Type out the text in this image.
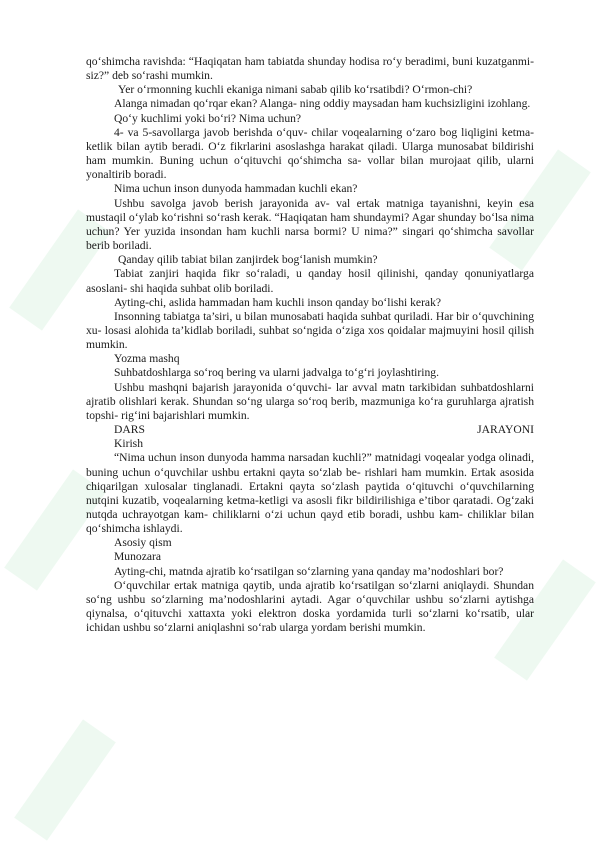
qo‘shimcha ravishda: “Haqiqatan ham tabiatda shunday hodisa ro‘y beradimi, buni kuzatganmi- siz?” deb so‘rashi mumkin.

Yer o‘rmonning kuchli ekaniga nimani sabab qilib ko‘rsatibdi? O‘rmon-chi?

Alanga nimadan qo‘rqar ekan? Alanga- ning oddiy maysadan ham kuchsizligini izohlang.

Qo‘y kuchlimi yoki bo‘ri? Nima uchun?

4- va 5-savollarga javob berishda o‘quv- chilar voqealarning o‘zaro bog liqligini ketma-ketlik bilan aytib beradi. O‘z fikrlarini asoslashga harakat qiladi. Ularga munosabat bildirishi ham mumkin. Buning uchun o‘qituvchi qo‘shimcha sa- vollar bilan murojaat qilib, ularni yonaltirib boradi.

Nima uchun inson dunyoda hammadan kuchli ekan?

Ushbu savolga javob berish jarayonida av- val ertak matniga tayanishni, keyin esa mustaqil o‘ylab ko‘rishni so‘rash kerak. “Haqiqatan ham shundaymi? Agar shunday bo‘lsa nima uchun? Yer yuzida insondan ham kuchli narsa bormi? U nima?” singari qo‘shimcha savollar berib boriladi.

Qanday qilib tabiat bilan zanjirdek bog‘lanish mumkin?

Tabiat zanjiri haqida fikr so‘raladi, u qanday hosil qilinishi, qanday qonuniyatlarga asoslani- shi haqida suhbat olib boriladi.

Ayting-chi, aslida hammadan ham kuchli inson qanday bo‘lishi kerak?

Insonning tabiatga ta’siri, u bilan munosabati haqida suhbat quriladi. Har bir o‘quvchining xu- losasi alohida ta’kidlab boriladi, suhbat so‘ngida o‘ziga xos qoidalar majmuyini hosil qilish mumkin.

Yozma mashq

Suhbatdoshlarga so‘roq bering va ularni jadvalga to‘g‘ri joylashtiring.

Ushbu mashqni bajarish jarayonida o‘quvchi- lar avval matn tarkibidan suhbatdoshlarni ajratib olishlari kerak. Shundan so‘ng ularga so‘roq berib, mazmuniga ko‘ra guruhlarga ajratish topshi- rig‘ini bajarishlari mumkin.

DARS	JARAYONI

Kirish

“Nima uchun inson dunyoda hamma narsadan kuchli?” matnidagi voqealar yodga olinadi, buning uchun o‘quvchilar ushbu ertakni qayta so‘zlab be- rishlari ham mumkin. Ertak asosida chiqarilgan xulosalar tinglanadi. Ertakni qayta so‘zlash paytida o‘qituvchi o‘quvchilarning nutqini kuzatib, voqealarning ketma-ketligi va asosli fikr bildirilishiga e’tibor qaratadi. Og‘zaki nutqda uchrayotgan kam- chiliklarni o‘zi uchun qayd etib boradi, ushbu kam- chiliklar bilan qo‘shimcha ishlaydi.

Asosiy qism

Munozara

Ayting-chi, matnda ajratib ko‘rsatilgan so‘zlarning yana qanday ma’nodoshlari bor?

O‘quvchilar ertak matniga qaytib, unda ajratib ko‘rsatilgan so‘zlarni aniqlaydi. Shundan so‘ng ushbu so‘zlarning ma’nodoshlarini aytadi. Agar o‘quvchilar ushbu so‘zlarni aytishga qiynalsa, o‘qituvchi xattaxta yoki elektron doska yordamida turli so‘zlarni ko‘rsatib, ular ichidan ushbu so‘zlarni aniqlashni so‘rab ularga yordam berishi mumkin.
